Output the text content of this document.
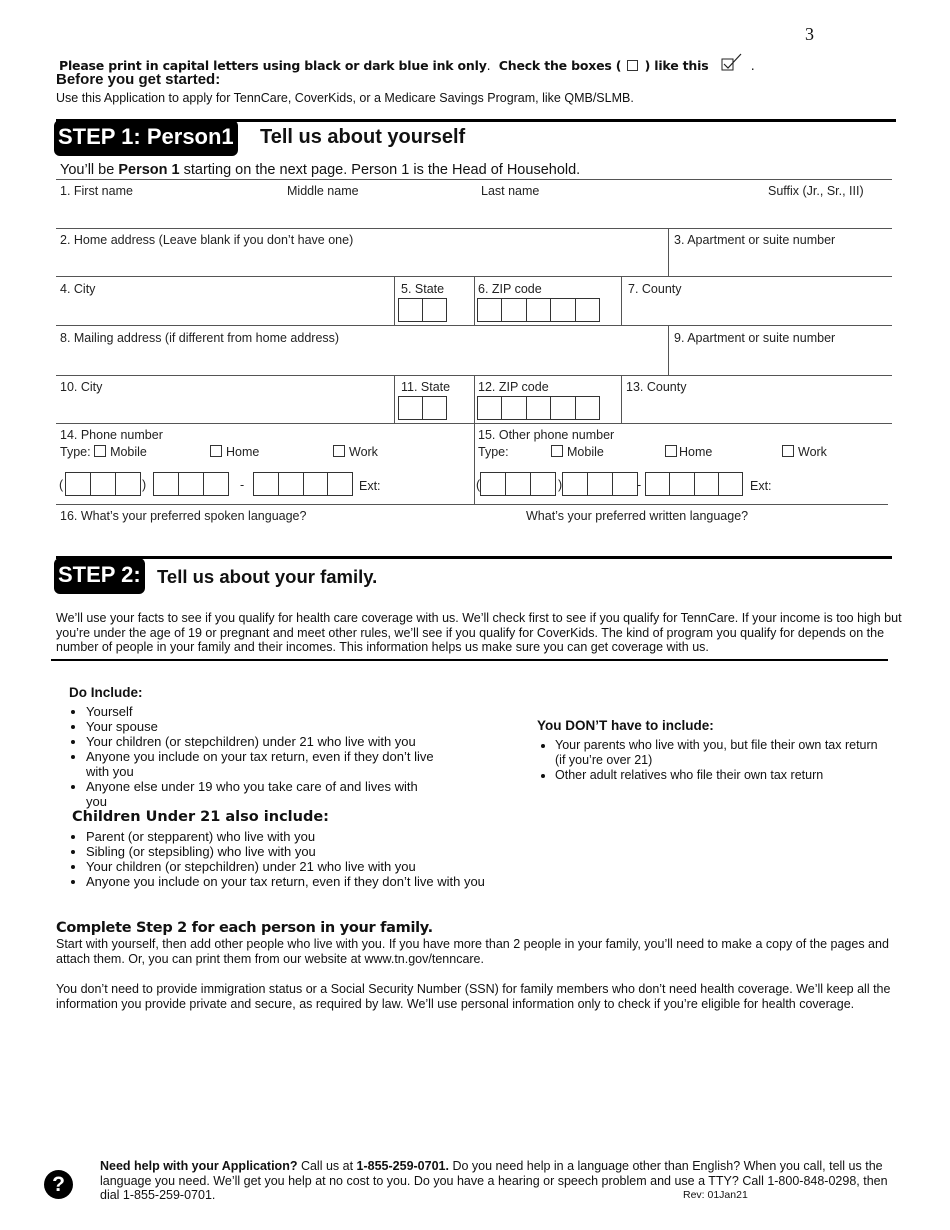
3
Please print in capital letters using black or dark blue ink only. Check the boxes ( ) like this	.
Before you get started:
Use this Application to apply for TennCare, CoverKids, or a Medicare Savings Program, like QMB/SLMB.
STEP 1: Person1 Tell us about yourself
You’ll be Person 1 starting on the next page. Person 1 is the Head of Household.
1. First name	Middle name	Last name	Suffix (Jr., Sr., III)
2. Home address (Leave blank if you don’t have one)	3. Apartment or suite number
4. City	5. State	6. ZIP code	7. County
8. Mailing address (if different from home address)	9. Apartment or suite number
10. City	11. State 12. ZIP code	13. County
14. Phone number
Type: Mobile	Home	Work
(	)	-	Ext:
15. Other phone number
Type:	Mobile	Home	Work
(	)	-	Ext:
16. What’s your preferred spoken language?	What’s your preferred written language?
STEP 2: Tell us about your family.
We’ll use your facts to see if you qualify for health care coverage with us. We’ll check first to see if you qualify for TennCare. If your income is too high but you’re under the age of 19 or pregnant and meet other rules, we’ll see if you qualify for CoverKids. The kind of program you qualify for depends on the number of people in your family and their incomes. This information helps us make sure you can get coverage with us.
Do Include:
• Yourself
• Your spouse
• Your children (or stepchildren) under 21 who live with you
• Anyone you include on your tax return, even if they don’t live with you
• Anyone else under 19 who you take care of and lives with you
Children Under 21 also include:
• Parent (or stepparent) who live with you
• Sibling (or stepsibling) who live with you
• Your children (or stepchildren) under 21 who live with you
• Anyone you include on your tax return, even if they don’t live with you
You DON’T have to include:
• Your parents who live with you, but file their own tax return (if you’re over 21)
• Other adult relatives who file their own tax return
Complete Step 2 for each person in your family.
Start with yourself, then add other people who live with you. If you have more than 2 people in your family, you’ll need to make a copy of the pages and attach them. Or, you can print them from our website at www.tn.gov/tenncare.
You don’t need to provide immigration status or a Social Security Number (SSN) for family members who don’t need health coverage. We’ll keep all the information you provide private and secure, as required by law. We’ll use personal information only to check if you’re eligible for health coverage.
?
Need help with your Application? Call us at 1-855-259-0701. Do you need help in a language other than English? When you call, tell us the language you need. We’ll get you help at no cost to you. Do you have a hearing or speech problem and use a TTY? Call 1-800-848-0298, then dial 1-855-259-0701.	Rev: 01Jan21
